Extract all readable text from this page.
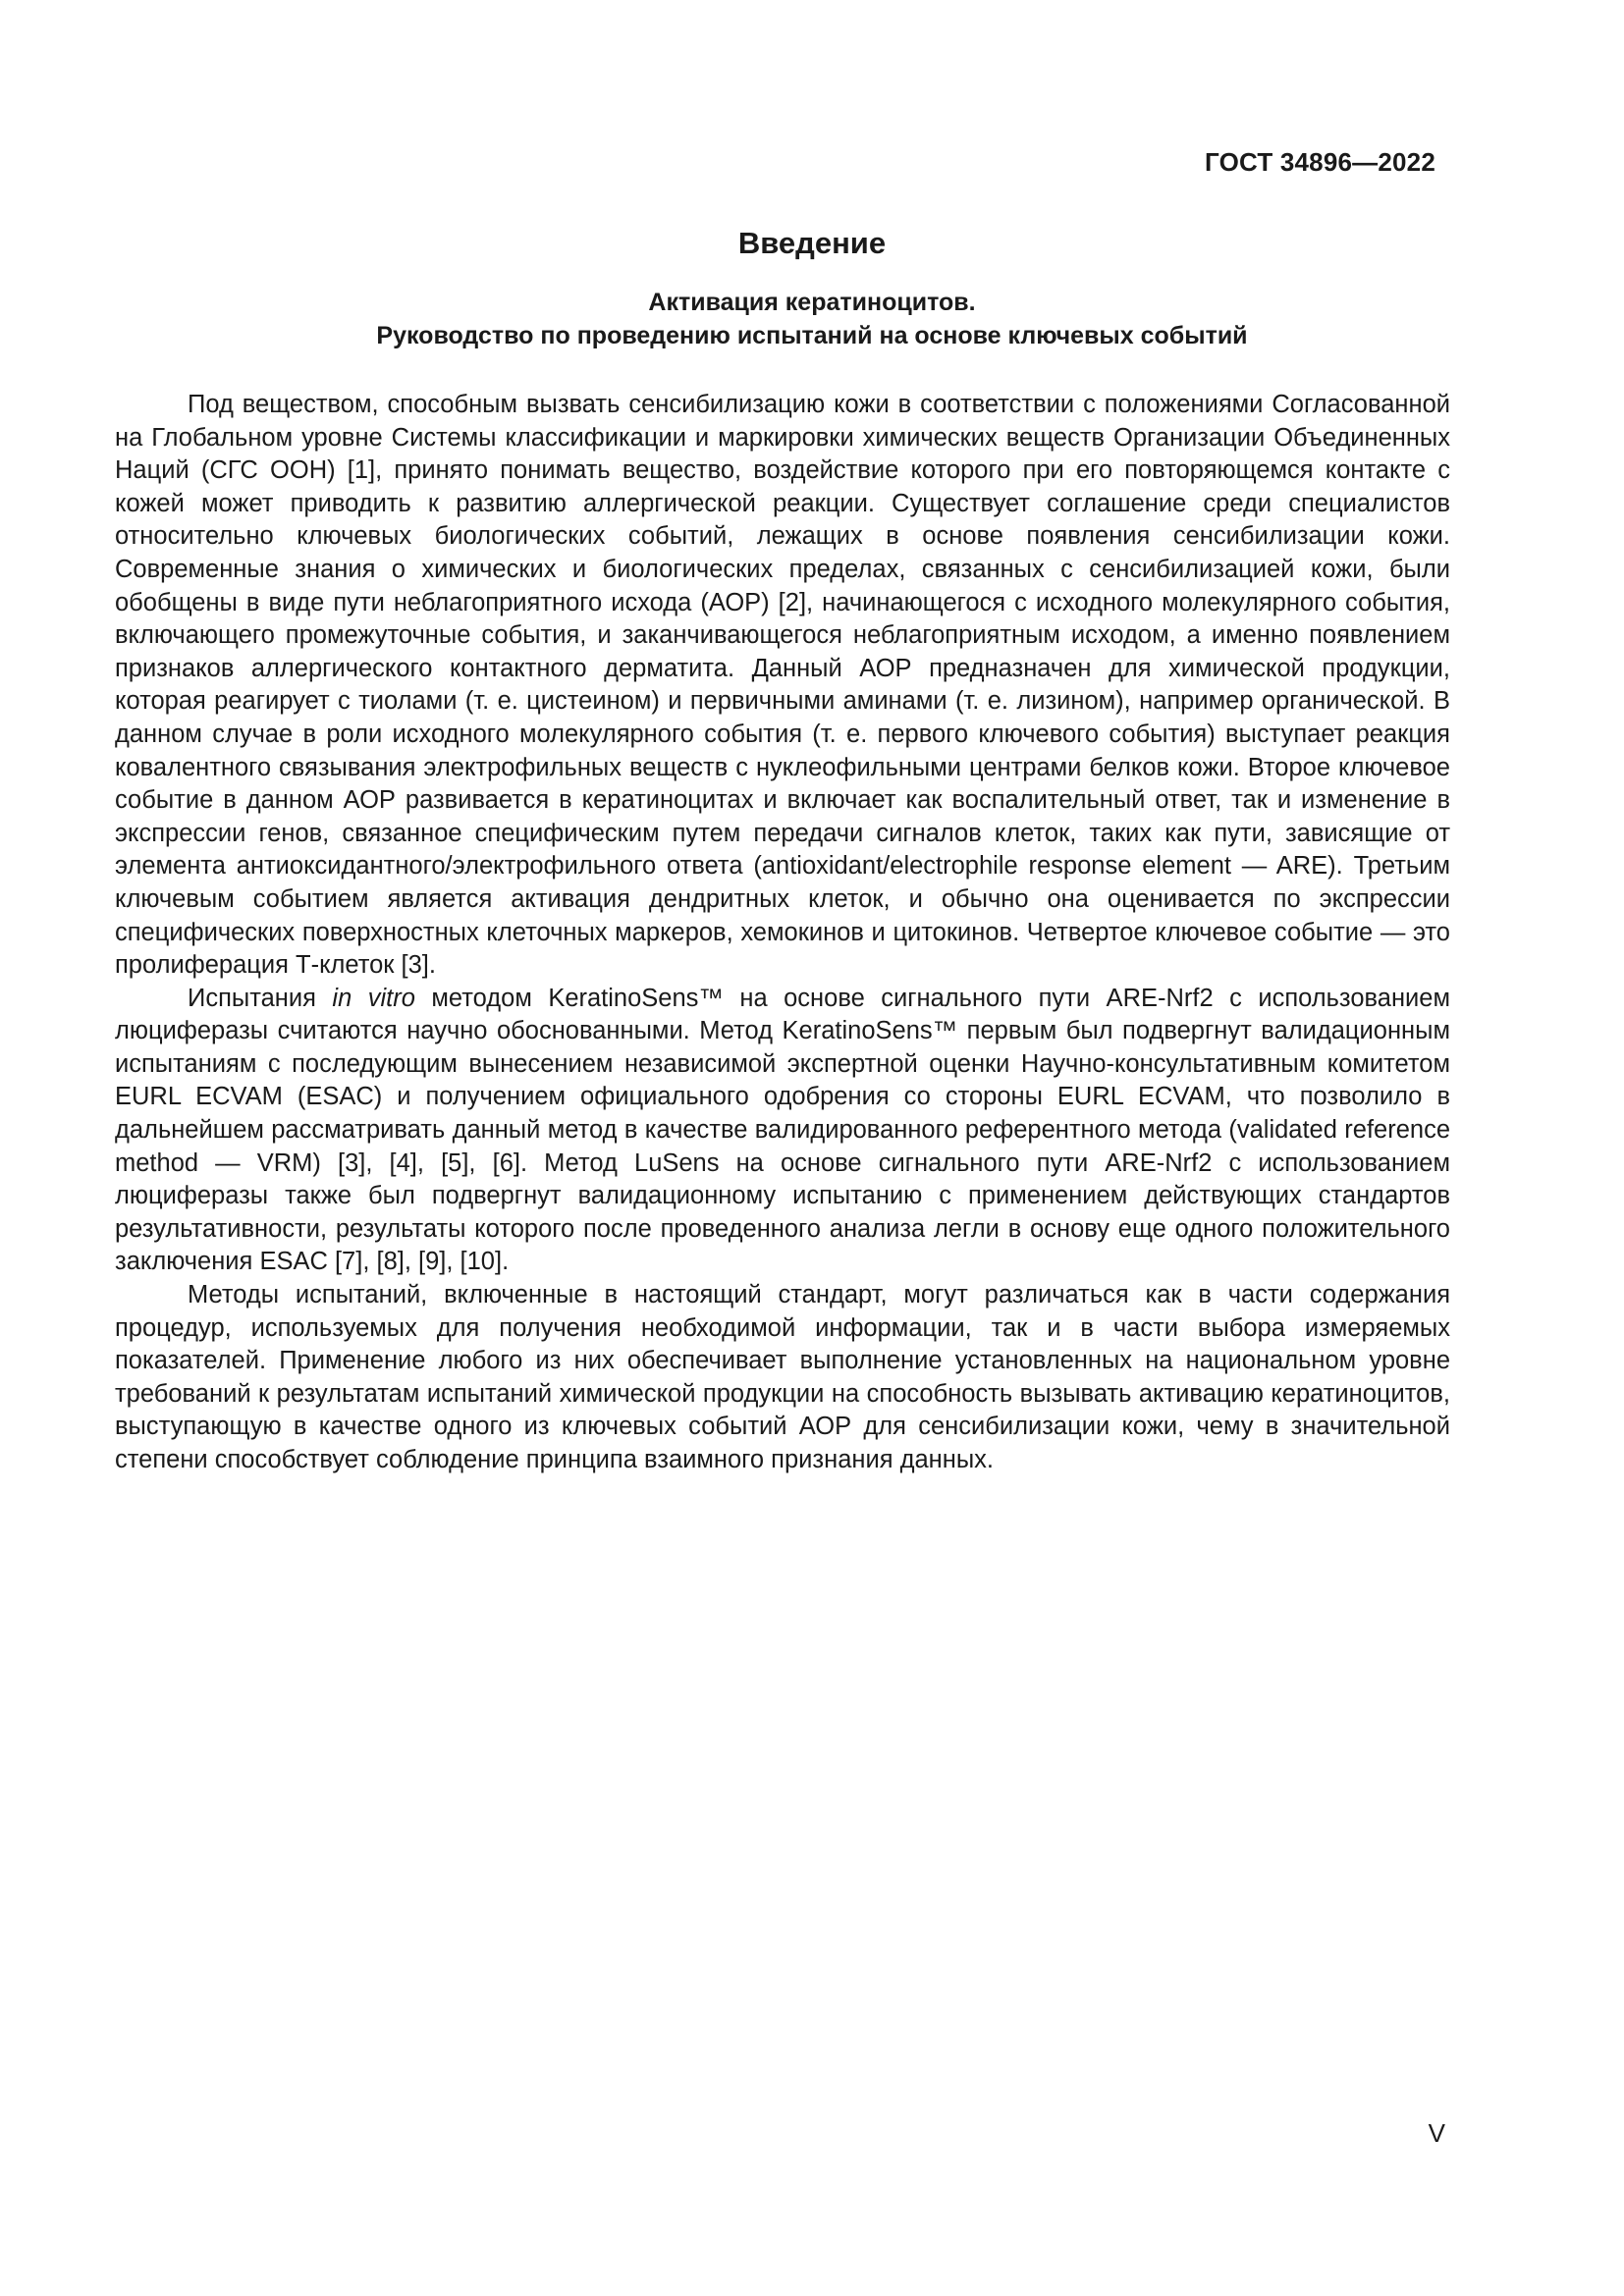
ГОСТ 34896—2022
Введение
Активация кератиноцитов.
Руководство по проведению испытаний на основе ключевых событий

Под веществом, способным вызвать сенсибилизацию кожи в соответствии с положениями Согласованной на Глобальном уровне Системы классификации и маркировки химических веществ Организации Объединенных Наций (СГС ООН) [1], принято понимать вещество, воздействие которого при его повторяющемся контакте с кожей может приводить к развитию аллергической реакции. Существует соглашение среди специалистов относительно ключевых биологических событий, лежащих в основе появления сенсибилизации кожи. Современные знания о химических и биологических пределах, связанных с сенсибилизацией кожи, были обобщены в виде пути неблагоприятного исхода (АОР) [2], начинающегося с исходного молекулярного события, включающего промежуточные события, и заканчивающегося неблагоприятным исходом, а именно появлением признаков аллергического контактного дерматита. Данный АОР предназначен для химической продукции, которая реагирует с тиолами (т. е. цистеином) и первичными аминами (т. е. лизином), например органической. В данном случае в роли исходного молекулярного события (т. е. первого ключевого события) выступает реакция ковалентного связывания электрофильных веществ с нуклеофильными центрами белков кожи. Второе ключевое событие в данном АОР развивается в кератиноцитах и включает как воспалительный ответ, так и изменение в экспрессии генов, связанное специфическим путем передачи сигналов клеток, таких как пути, зависящие от элемента антиоксидантного/электрофильного ответа (antioxidant/electrophile response element — ARE). Третьим ключевым событием является активация дендритных клеток, и обычно она оценивается по экспрессии специфических поверхностных клеточных маркеров, хемокинов и цитокинов. Четвертое ключевое событие — это пролиферация Т-клеток [3].

Испытания in vitro методом KeratinoSens™ на основе сигнального пути ARE-Nrf2 с использованием люциферазы считаются научно обоснованными. Метод KeratinoSens™ первым был подвергнут валидационным испытаниям с последующим вынесением независимой экспертной оценки Научно-консультативным комитетом EURL ECVAM (ESAC) и получением официального одобрения со стороны EURL ECVAM, что позволило в дальнейшем рассматривать данный метод в качестве валидированного референтного метода (validated reference method — VRM) [3], [4], [5], [6]. Метод LuSens на основе сигнального пути ARE-Nrf2 с использованием люциферазы также был подвергнут валидационному испытанию с применением действующих стандартов результативности, результаты которого после проведенного анализа легли в основу еще одного положительного заключения ESAC [7], [8], [9], [10].

Методы испытаний, включенные в настоящий стандарт, могут различаться как в части содержания процедур, используемых для получения необходимой информации, так и в части выбора измеряемых показателей. Применение любого из них обеспечивает выполнение установленных на национальном уровне требований к результатам испытаний химической продукции на способность вызывать активацию кератиноцитов, выступающую в качестве одного из ключевых событий АОР для сенсибилизации кожи, чему в значительной степени способствует соблюдение принципа взаимного признания данных.

V
